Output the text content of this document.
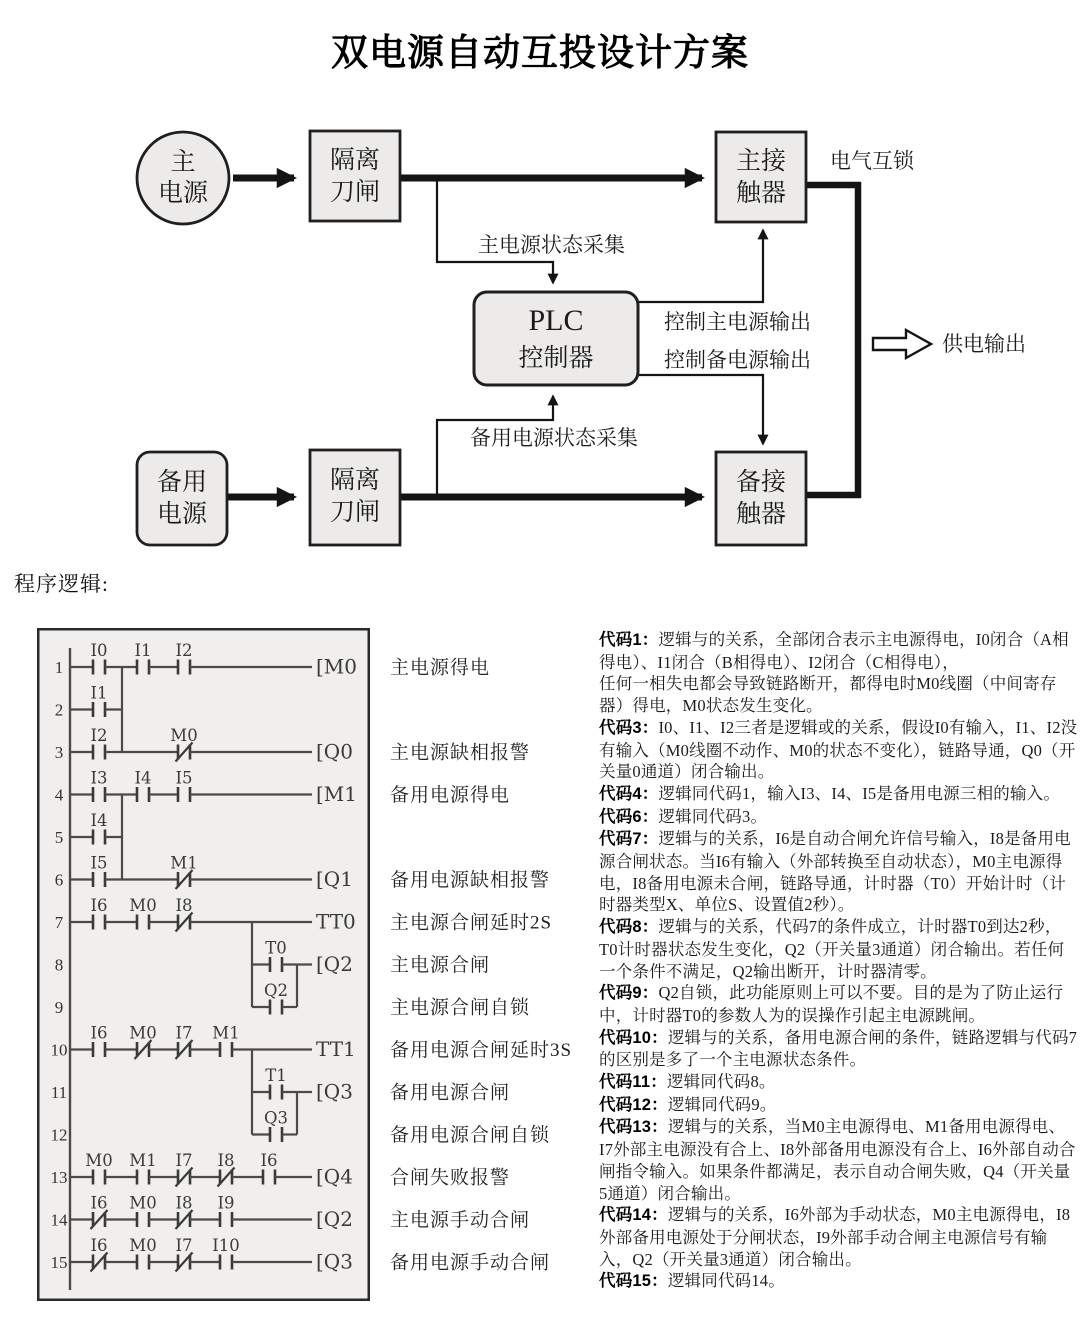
双电源自动互投设计方案
主
电源
隔离
刀闸
主接
触器
PLC
控制器
备用
电源
隔离
刀闸
备接
触器
电气互锁
主电源状态采集
控制主电源输出
控制备电源输出
供电输出
备用电源状态采集
程序逻辑:
I0 I1 I2
[M0
1	主电源得电
I1
2
I2	M0
[Q0
3	主电源缺相报警
I3 I4 I5
[M1
4	备用电源得电
I4
5
I5	M1
[Q1
6	备用电源缺相报警
I6 M0 I8
TT0
7	主电源合闸延时2S
T0
[Q2
8	主电源合闸
Q2
9	主电源合闸自锁
I6 M0 I7 M1
TT1
10	备用电源合闸延时3S
T1
[Q3
11	备用电源合闸
Q3
12	备用电源合闸自锁
M0 M1 I7 I8 I6
[Q4
13	合闸失败报警
I6 M0 I8 I9
[Q2
14	主电源手动合闸
I6 M0 I7 I10
[Q3
15	备用电源手动合闸

代码1：逻辑与的关系，全部闭合表示主电源得电，I0闭合（A相得电）、I1闭合（B相得电）、I2闭合（C相得电），

任何一相失电都会导致链路断开，都得电时M0线圈（中间寄存器）得电，M0状态发生变化。

代码3：I0、I1、I2三者是逻辑或的关系，假设I0有输入，I1、I2没有输入（M0线圈不动作、M0的状态不变化），链路导通，Q0（开关量0通道）闭合输出。

代码4：逻辑同代码1，输入I3、I4、I5是备用电源三相的输入。

代码6：逻辑同代码3。

代码7：逻辑与的关系，I6是自动合闸允许信号输入，I8是备用电源合闸状态。当I6有输入（外部转换至自动状态），M0主电源得电，I8备用电源未合闸，链路导通，计时器（T0）开始计时（计时器类型X、单位S、设置值2秒）。

代码8：逻辑与的关系，代码7的条件成立，计时器T0到达2秒，T0计时器状态发生变化，Q2（开关量3通道）闭合输出。若任何一个条件不满足，Q2输出断开，计时器清零。

代码9：Q2自锁，此功能原则上可以不要。目的是为了防止运行中，计时器T0的参数人为的误操作引起主电源跳闸。

代码10：逻辑与的关系，备用电源合闸的条件，链路逻辑与代码7的区别是多了一个主电源状态条件。

代码11：逻辑同代码8。

代码12：逻辑同代码9。

代码13：逻辑与的关系，当M0主电源得电、M1备用电源得电、I7外部主电源没有合上、I8外部备用电源没有合上、I6外部自动合闸指令输入。如果条件都满足，表示自动合闸失败，Q4（开关量5通道）闭合输出。

代码14：逻辑与的关系，I6外部为手动状态，M0主电源得电，I8外部备用电源处于分闸状态，I9外部手动合闸主电源信号有输入，Q2（开关量3通道）闭合输出。

代码15：逻辑同代码14。
